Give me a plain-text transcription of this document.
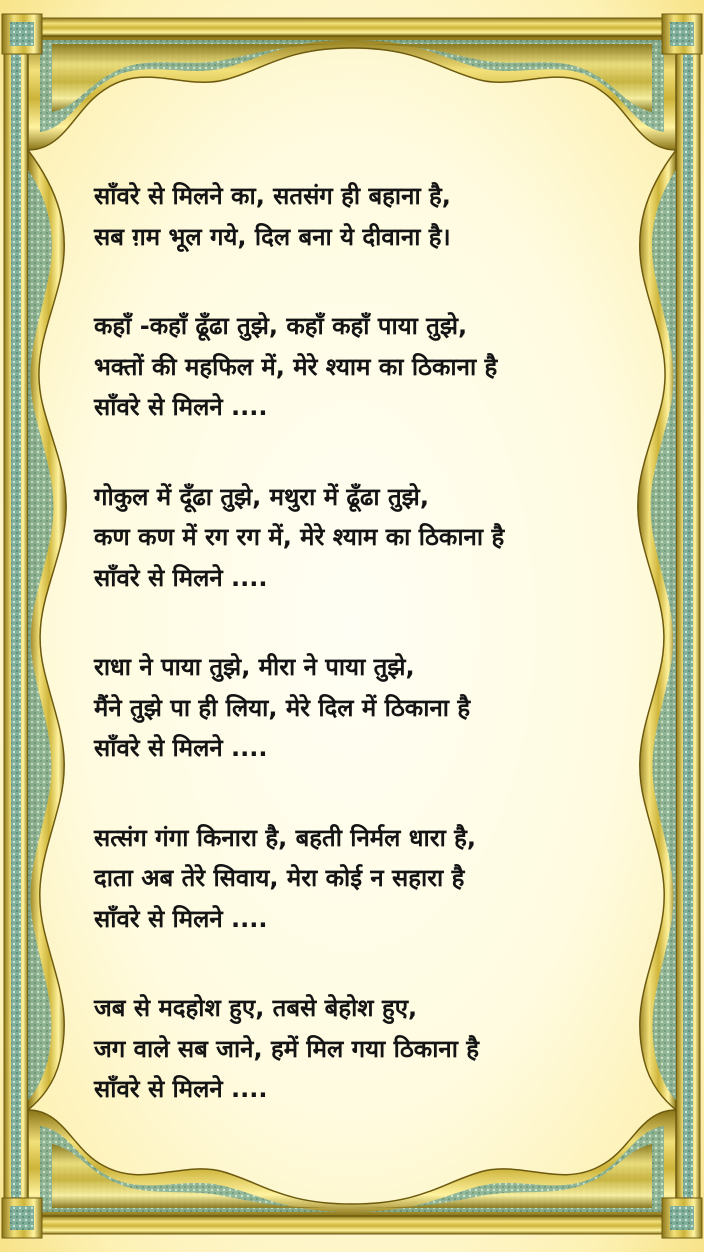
साँवरे से मिलने का, सतसंग ही बहाना है,
सब ग़म भूल गये, दिल बना ये दीवाना है।
कहाँ -कहाँ ढूँढा तुझे, कहाँ कहाँ पाया तुझे,
भक्तों की महफिल में, मेरे श्याम का ठिकाना है
साँवरे से मिलने ....
गोकुल में दूँढा तुझे, मथुरा में ढूँढा तुझे,
कण कण में रग रग में, मेरे श्याम का ठिकाना है
साँवरे से मिलने ....
राधा ने पाया तुझे, मीरा ने पाया तुझे,
मैंने तुझे पा ही लिया, मेरे दिल में ठिकाना है
साँवरे से मिलने ....
सत्संग गंगा किनारा है, बहती निर्मल धारा है,
दाता अब तेरे सिवाय, मेरा कोई न सहारा है
साँवरे से मिलने ....
जब से मदहोश हुए, तबसे बेहोश हुए,
जग वाले सब जाने, हमें मिल गया ठिकाना है
साँवरे से मिलने ....
